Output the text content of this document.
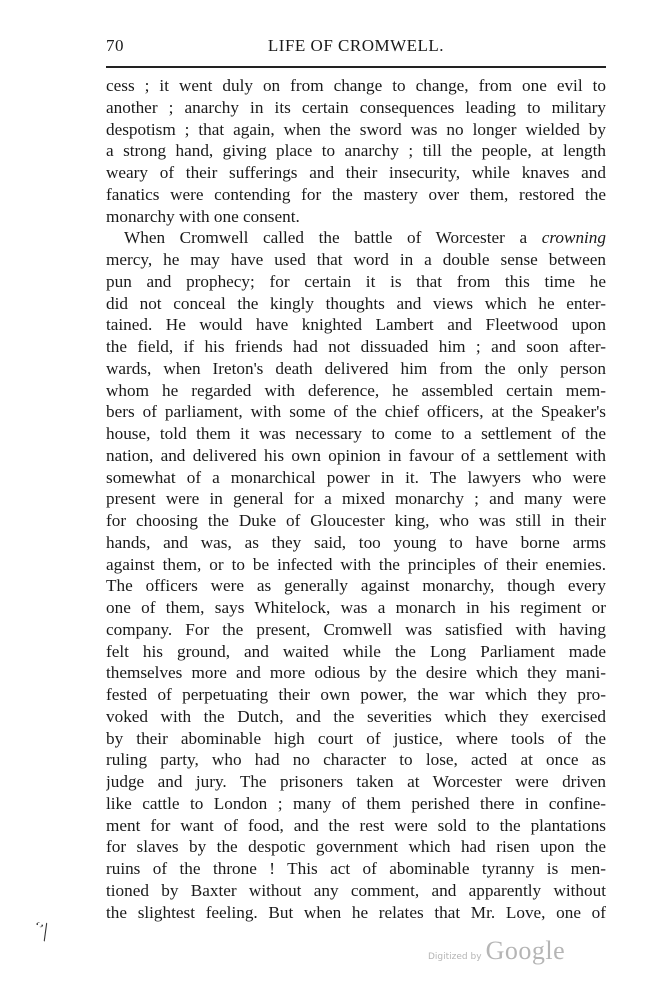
70	LIFE OF CROMWELL.
cess ; it went duly on from change to change, from one evil to
another ; anarchy in its certain consequences leading to military
despotism ; that again, when the sword was no longer wielded by
a strong hand, giving place to anarchy ; till the people, at length
weary of their sufferings and their insecurity, while knaves and
fanatics were contending for the mastery over them, restored the
monarchy with one consent.
When Cromwell called the battle of Worcester a crowning
mercy, he may have used that word in a double sense between
pun and prophecy; for certain it is that from this time he
did not conceal the kingly thoughts and views which he enter-
tained. He would have knighted Lambert and Fleetwood upon
the field, if his friends had not dissuaded him ; and soon after-
wards, when Ireton's death delivered him from the only person
whom he regarded with deference, he assembled certain mem-
bers of parliament, with some of the chief officers, at the Speaker's
house, told them it was necessary to come to a settlement of the
nation, and delivered his own opinion in favour of a settlement with
somewhat of a monarchical power in it. The lawyers who were
present were in general for a mixed monarchy ; and many were
for choosing the Duke of Gloucester king, who was still in their
hands, and was, as they said, too young to have borne arms
against them, or to be infected with the principles of their enemies.
The officers were as generally against monarchy, though every
one of them, says Whitelock, was a monarch in his regiment or
company. For the present, Cromwell was satisfied with having
felt his ground, and waited while the Long Parliament made
themselves more and more odious by the desire which they mani-
fested of perpetuating their own power, the war which they pro-
voked with the Dutch, and the severities which they exercised
by their abominable high court of justice, where tools of the
ruling party, who had no character to lose, acted at once as
judge and jury. The prisoners taken at Worcester were driven
like cattle to London ; many of them perished there in confine-
ment for want of food, and the rest were sold to the plantations
for slaves by the despotic government which had risen upon the
ruins of the throne ! This act of abominable tyranny is men-
tioned by Baxter without any comment, and apparently without
the slightest feeling. But when he relates that Mr. Love, one of
‘’╲
Digitized by Google
